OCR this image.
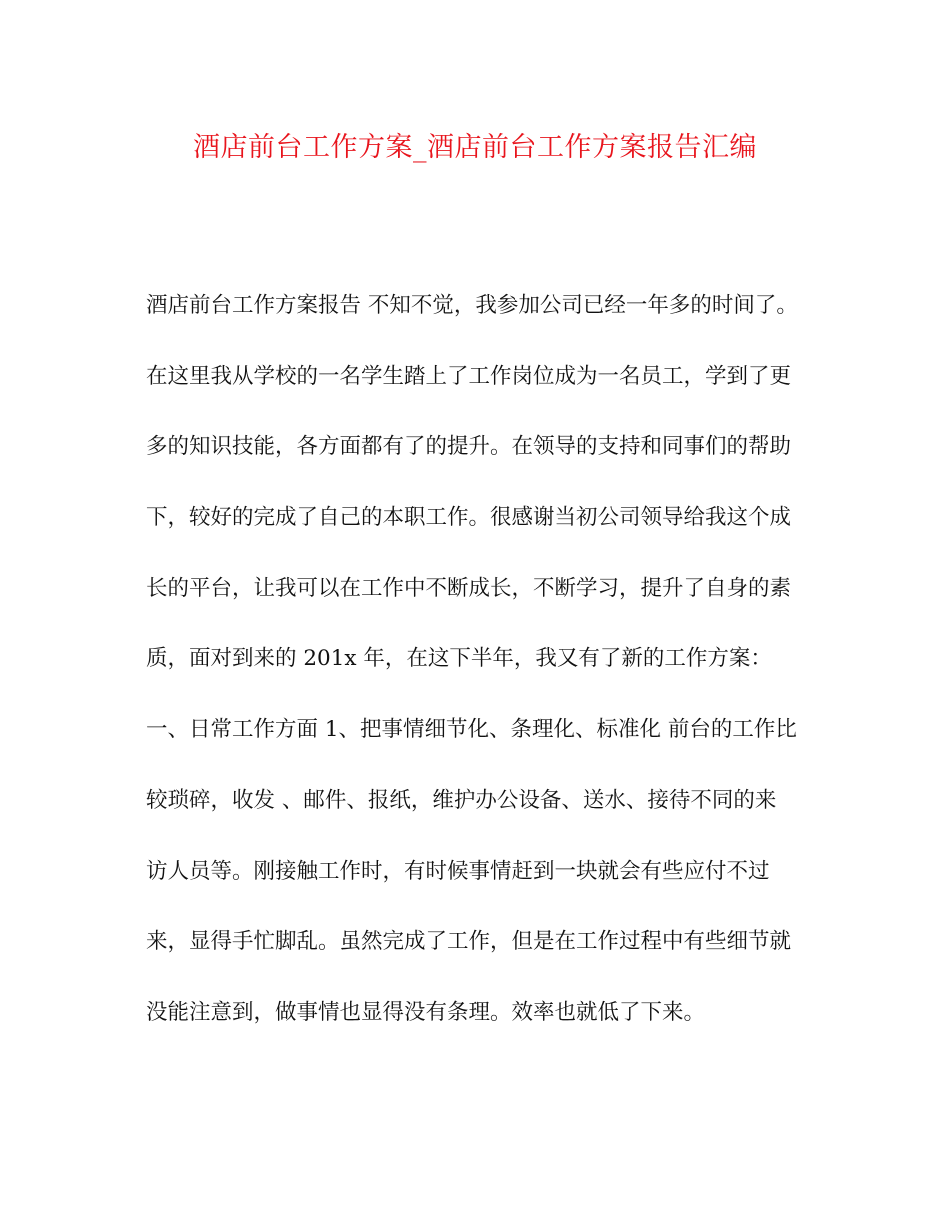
酒店前台工作方案_酒店前台工作方案报告汇编
酒店前台工作方案报告 不知不觉，我参加公司已经一年多的时间了。
在这里我从学校的一名学生踏上了工作岗位成为一名员工，学到了更
多的知识技能，各方面都有了的提升。在领导的支持和同事们的帮助
下，较好的完成了自己的本职工作。很感谢当初公司领导给我这个成
长的平台，让我可以在工作中不断成长，不断学习，提升了自身的素
质，面对到来的 201x 年，在这下半年，我又有了新的工作方案：
一、日常工作方面 1、把事情细节化、条理化、标准化 前台的工作比
较琐碎，收发 、邮件、报纸，维护办公设备、送水、接待不同的来
访人员等。刚接触工作时，有时候事情赶到一块就会有些应付不过
来，显得手忙脚乱。虽然完成了工作，但是在工作过程中有些细节就
没能注意到，做事情也显得没有条理。效率也就低了下来。
